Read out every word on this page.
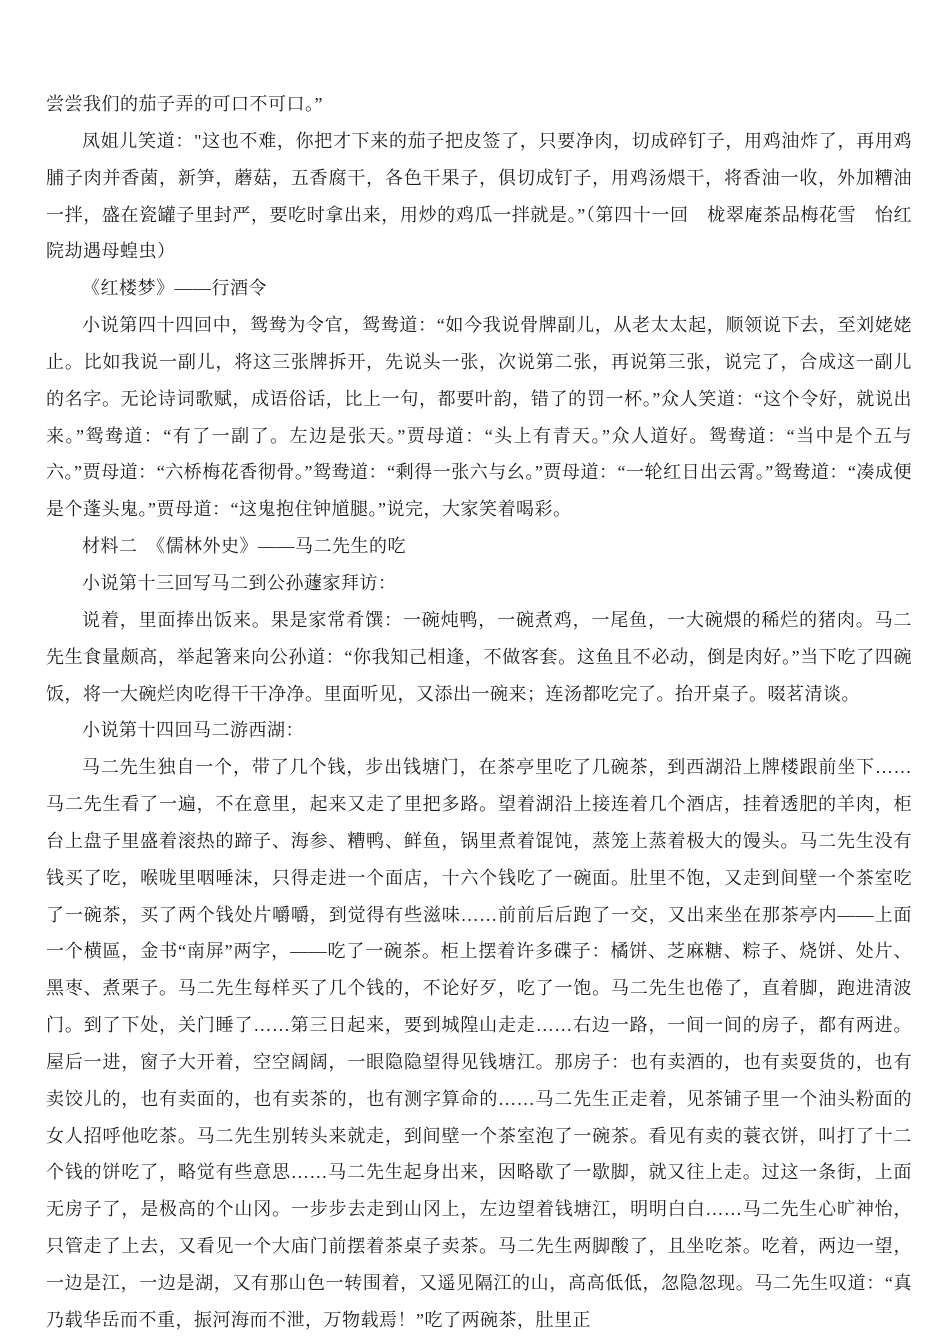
尝尝我们的茄子弄的可口不可口。”

凤姐儿笑道："这也不难，你把才下来的茄子把皮签了，只要净肉，切成碎钉子，用鸡油炸了，再用鸡脯子肉并香菌，新笋，蘑菇，五香腐干，各色干果子，俱切成钉子，用鸡汤煨干，将香油一收，外加糟油一拌，盛在瓷罐子里封严，要吃时拿出来，用炒的鸡瓜一拌就是。”（第四十一回　栊翠庵茶品梅花雪　怡红院劫遇母蝗虫）

《红楼梦》——行酒令

小说第四十四回中，鸳鸯为令官，鸳鸯道：“如今我说骨牌副儿，从老太太起，顺领说下去，至刘姥姥止。比如我说一副儿，将这三张牌拆开，先说头一张，次说第二张，再说第三张，说完了，合成这一副儿的名字。无论诗词歌赋，成语俗话，比上一句，都要叶韵，错了的罚一杯。”众人笑道：“这个令好，就说出来。”鸳鸯道：“有了一副了。左边是张天。”贾母道：“头上有青天。”众人道好。鸳鸯道：“当中是个五与六。”贾母道：“六桥梅花香彻骨。”鸳鸯道：“剩得一张六与幺。”贾母道：“一轮红日出云霄。”鸳鸯道：“凑成便是个蓬头鬼。”贾母道：“这鬼抱住钟馗腿。”说完，大家笑着喝彩。

材料二　《儒林外史》——马二先生的吃

小说第十三回写马二到公孙蘧家拜访：

说着，里面捧出饭来。果是家常肴馔：一碗炖鸭，一碗煮鸡，一尾鱼，一大碗煨的稀烂的猪肉。马二先生食量颇高，举起箸来向公孙道：“你我知己相逢，不做客套。这鱼且不必动，倒是肉好。”当下吃了四碗饭，将一大碗烂肉吃得干干净净。里面听见，又添出一碗来；连汤都吃完了。抬开桌子。啜茗清谈。

小说第十四回马二游西湖：

马二先生独自一个，带了几个钱，步出钱塘门，在茶亭里吃了几碗茶，到西湖沿上牌楼跟前坐下……马二先生看了一遍，不在意里，起来又走了里把多路。望着湖沿上接连着几个酒店，挂着透肥的羊肉，柜台上盘子里盛着滚热的蹄子、海参、糟鸭、鲜鱼，锅里煮着馄饨，蒸笼上蒸着极大的馒头。马二先生没有钱买了吃，喉咙里咽唾沫，只得走进一个面店，十六个钱吃了一碗面。肚里不饱，又走到间壁一个茶室吃了一碗茶，买了两个钱处片嚼嚼，到觉得有些滋味……前前后后跑了一交，又出来坐在那茶亭内——上面一个横區，金书“南屏”两字，——吃了一碗茶。柜上摆着许多碟子：橘饼、芝麻糖、粽子、烧饼、处片、黑枣、煮栗子。马二先生每样买了几个钱的，不论好歹，吃了一饱。马二先生也倦了，直着脚，跑进清波门。到了下处，关门睡了……第三日起来，要到城隍山走走……右边一路，一间一间的房子，都有两进。屋后一进，窗子大开着，空空阔阔，一眼隐隐望得见钱塘江。那房子：也有卖酒的，也有卖耍货的，也有卖饺儿的，也有卖面的，也有卖茶的，也有测字算命的……马二先生正走着，见茶铺子里一个油头粉面的女人招呼他吃茶。马二先生别转头来就走，到间壁一个茶室泡了一碗茶。看见有卖的蓑衣饼，叫打了十二个钱的饼吃了，略觉有些意思……马二先生起身出来，因略歇了一歇脚，就又往上走。过这一条街，上面无房子了，是极高的个山冈。一步步去走到山冈上，左边望着钱塘江，明明白白……马二先生心旷神怡，只管走了上去，又看见一个大庙门前摆着茶桌子卖茶。马二先生两脚酸了，且坐吃茶。吃着，两边一望，一边是江，一边是湖，又有那山色一转围着，又遥见隔江的山，高高低低，忽隐忽现。马二先生叹道：“真乃载华岳而不重，振河海而不泄，万物载焉！”吃了两碗茶，肚里正
